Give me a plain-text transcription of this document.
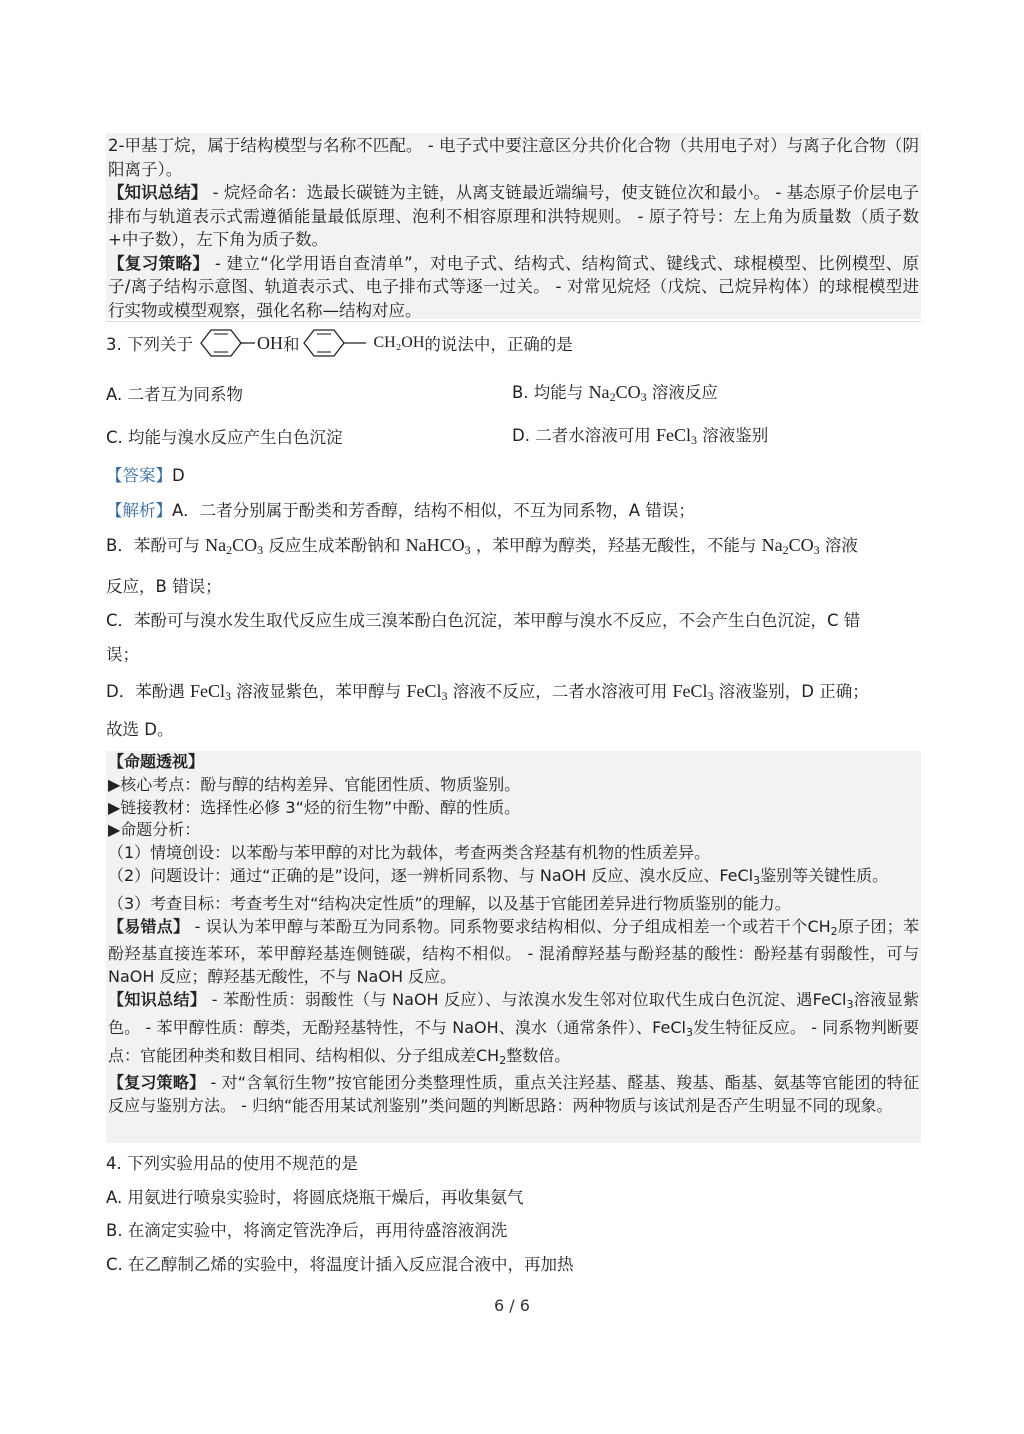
2-甲基丁烷，属于结构模型与名称不匹配。 - 电子式中要注意区分共价化合物（共用电子对）与离子化合物（阴阳离子）。

【知识总结】 - 烷烃命名：选最长碳链为主链，从离支链最近端编号，使支链位次和最小。 - 基态原子价层电子排布与轨道表示式需遵循能量最低原理、泡利不相容原理和洪特规则。 - 原子符号：左上角为质量数（质子数+中子数），左下角为质子数。

【复习策略】 - 建立“化学用语自查清单”，对电子式、结构式、结构简式、键线式、球棍模型、比例模型、原子/离子结构示意图、轨道表示式、电子排布式等逐一过关。 - 对常见烷烃（戊烷、己烷异构体）的球棍模型进行实物或模型观察，强化名称—结构对应。

3. 下列关于	OH 和	CH₂OH 的说法中，正确的是
A. 二者互为同系物	B. 均能与 $Na_2CO_3$ 溶液反应
C. 均能与溴水反应产生白色沉淀	D. 二者水溶液可用 FeCl$_3$ 溶液鉴别
【答案】D
【解析】A．二者分别属于酚类和芳香醇，结构不相似，不互为同系物，A 错误；
B．苯酚可与 $Na_2CO_3$ 反应生成苯酚钠和 NaHCO$_3$ ，苯甲醇为醇类，羟基无酸性，不能与 $Na_2CO_3$ 溶液
反应，B 错误；
C．苯酚可与溴水发生取代反应生成三溴苯酚白色沉淀，苯甲醇与溴水不反应，不会产生白色沉淀，C 错
误；
D．苯酚遇 FeCl$_3$ 溶液显紫色，苯甲醇与 FeCl$_3$ 溶液不反应，二者水溶液可用 FeCl$_3$ 溶液鉴别，D 正确；
故选 D。

【命题透视】

▶核心考点：酚与醇的结构差异、官能团性质、物质鉴别。

▶链接教材：选择性必修 3“烃的衍生物”中酚、醇的性质。

▶命题分析：

（1）情境创设：以苯酚与苯甲醇的对比为载体，考查两类含羟基有机物的性质差异。

（2）问题设计：通过“正确的是”设问，逐一辨析同系物、与 NaOH 反应、溴水反应、FeCl$_3$鉴别等关键性质。

（3）考查目标：考查考生对“结构决定性质”的理解，以及基于官能团差异进行物质鉴别的能力。

【易错点】 - 误认为苯甲醇与苯酚互为同系物。同系物要求结构相似、分子组成相差一个或若干个$CH_2$原子团；苯酚羟基直接连苯环，苯甲醇羟基连侧链碳，结构不相似。 - 混淆醇羟基与酚羟基的酸性：酚羟基有弱酸性，可与 NaOH 反应；醇羟基无酸性，不与 NaOH 反应。

【知识总结】 - 苯酚性质：弱酸性（与 NaOH 反应）、与浓溴水发生邻对位取代生成白色沉淀、遇FeCl$_3$溶液显紫色。 - 苯甲醇性质：醇类，无酚羟基特性，不与 NaOH、溴水（通常条件）、FeCl$_3$发生特征反应。 - 同系物判断要点：官能团种类和数目相同、结构相似、分子组成差$CH_2$整数倍。

【复习策略】 - 对“含氧衍生物”按官能团分类整理性质，重点关注羟基、醛基、羧基、酯基、氨基等官能团的特征反应与鉴别方法。 - 归纳“能否用某试剂鉴别”类问题的判断思路：两种物质与该试剂是否产生明显不同的现象。

4. 下列实验用品的使用不规范的是
A. 用氨进行喷泉实验时，将圆底烧瓶干燥后，再收集氨气
B. 在滴定实验中，将滴定管洗净后，再用待盛溶液润洗
C. 在乙醇制乙烯的实验中，将温度计插入反应混合液中，再加热
6 / 6
